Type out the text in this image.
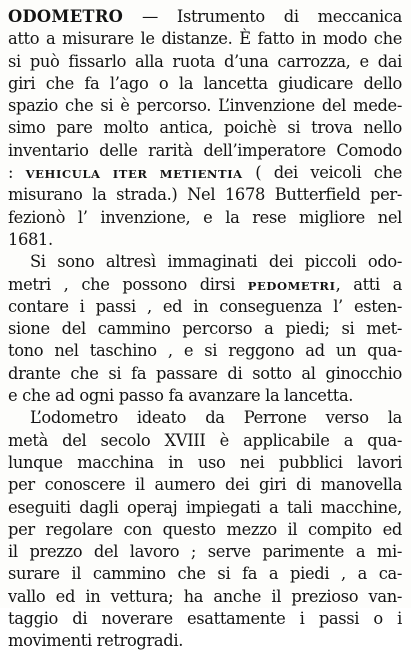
ODOMETRO — Istrumento di meccanica
atto a misurare le distanze. È fatto in modo che
si può fissarlo alla ruota d’una carrozza, e dai
giri che fa l’ago o la lancetta giudicare dello
spazio che si è percorso. L’invenzione del mede-
simo pare molto antica, poichè si trova nello
inventario delle rarità dell’imperatore Comodo
: VEHICULA ITER METIENTIA ( dei veicoli che
misurano la strada.) Nel 1678 Butterfield per-
fezionò l’ invenzione, e la rese migliore nel
1681.
Si sono altresì immaginati dei piccoli odo-
metri , che possono dirsi PEDOMETRI, atti a
contare i passi , ed in conseguenza l’ esten-
sione del cammino percorso a piedi; si met-
tono nel taschino , e si reggono ad un qua-
drante che si fa passare di sotto al ginocchio
e che ad ogni passo fa avanzare la lancetta.
L’odometro ideato da Perrone verso la
metà del secolo XVIII è applicabile a qua-
lunque macchina in uso nei pubblici lavori
per conoscere il aumero dei giri di manovella
eseguiti dagli operaj impiegati a tali macchine,
per regolare con questo mezzo il compito ed
il prezzo del lavoro ; serve parimente a mi-
surare il cammino che si fa a piedi , a ca-
vallo ed in vettura; ha anche il prezioso van-
taggio di noverare esattamente i passi o i
movimenti retrogradi.
